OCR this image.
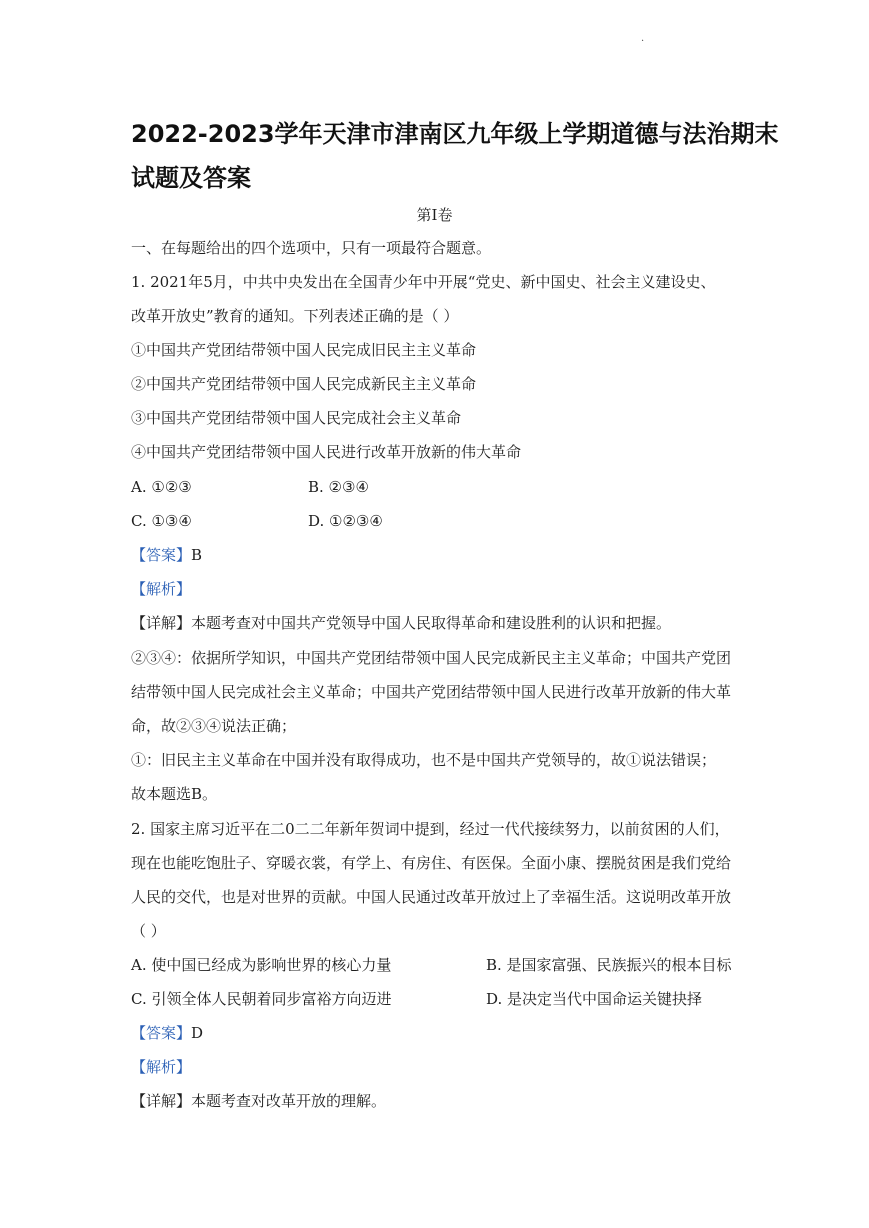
·
2022-2023学年天津市津南区九年级上学期道德与法治期末
试题及答案
第Ⅰ卷
一、在每题给出的四个选项中，只有一项最符合题意。
1. 2021年5月，中共中央发出在全国青少年中开展“党史、新中国史、社会主义建设史、
改革开放史”教育的通知。下列表述正确的是（ ）
①中国共产党团结带领中国人民完成旧民主主义革命
②中国共产党团结带领中国人民完成新民主主义革命
③中国共产党团结带领中国人民完成社会主义革命
④中国共产党团结带领中国人民进行改革开放新的伟大革命
A. ①②③	B. ②③④
C. ①③④	D. ①②③④
【答案】B
【解析】
【详解】本题考查对中国共产党领导中国人民取得革命和建设胜利的认识和把握。
②③④：依据所学知识，中国共产党团结带领中国人民完成新民主主义革命；中国共产党团
结带领中国人民完成社会主义革命；中国共产党团结带领中国人民进行改革开放新的伟大革
命，故②③④说法正确；
①：旧民主主义革命在中国并没有取得成功，也不是中国共产党领导的，故①说法错误；
故本题选B。
2. 国家主席习近平在二0二二年新年贺词中提到，经过一代代接续努力，以前贫困的人们，
现在也能吃饱肚子、穿暖衣裳，有学上、有房住、有医保。全面小康、摆脱贫困是我们党给
人民的交代，也是对世界的贡献。中国人民通过改革开放过上了幸福生活。这说明改革开放
（ ）
A. 使中国已经成为影响世界的核心力量	B. 是国家富强、民族振兴的根本目标
C. 引领全体人民朝着同步富裕方向迈进	D. 是决定当代中国命运关键抉择
【答案】D
【解析】
【详解】本题考查对改革开放的理解。
